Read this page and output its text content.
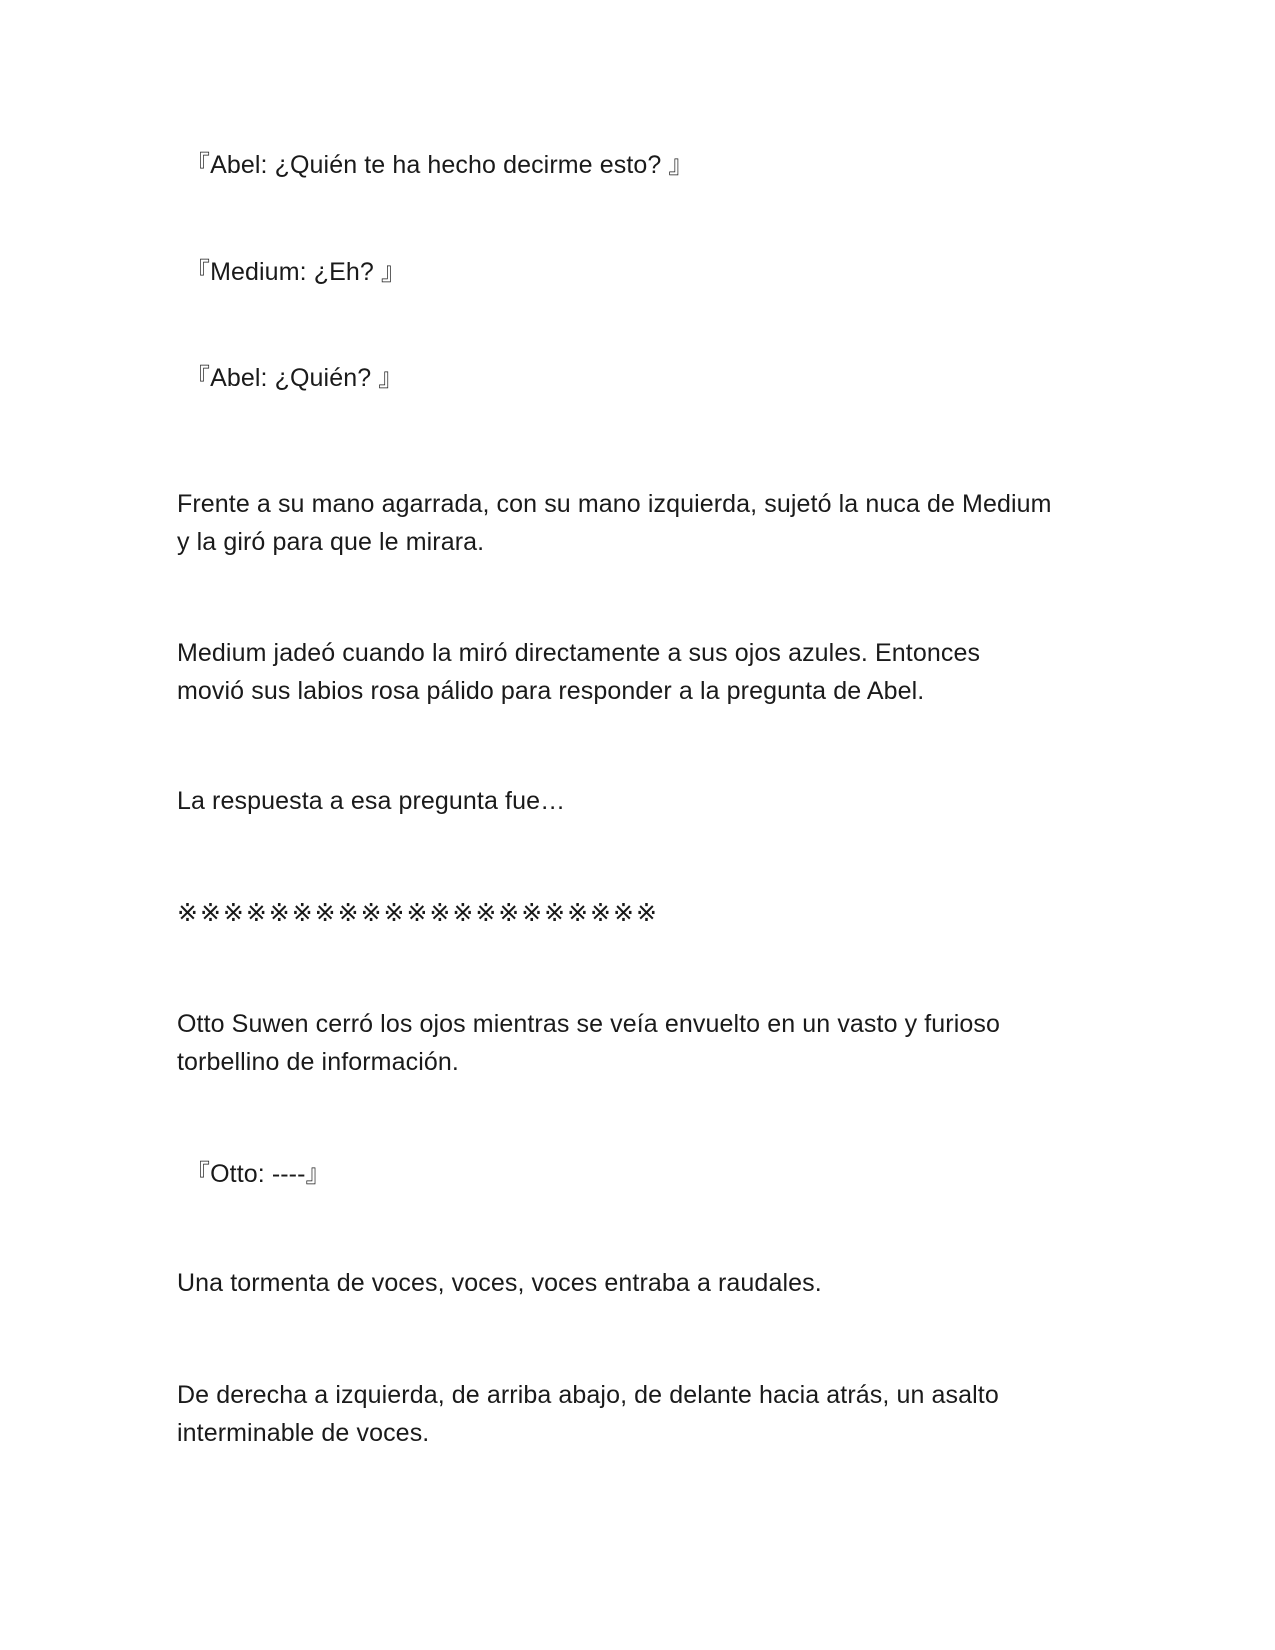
『Abel: ¿Quién te ha hecho decirme esto? 』

『Medium: ¿Eh? 』

『Abel: ¿Quién? 』

Frente a su mano agarrada, con su mano izquierda, sujetó la nuca de Medium
y la giró para que le mirara.

Medium jadeó cuando la miró directamente a sus ojos azules. Entonces
movió sus labios rosa pálido para responder a la pregunta de Abel.

La respuesta a esa pregunta fue…

※※※※※※※※※※※※※※※※※※※※※

Otto Suwen cerró los ojos mientras se veía envuelto en un vasto y furioso
torbellino de información.

『Otto: ----』

Una tormenta de voces, voces, voces entraba a raudales.

De derecha a izquierda, de arriba abajo, de delante hacia atrás, un asalto
interminable de voces.
